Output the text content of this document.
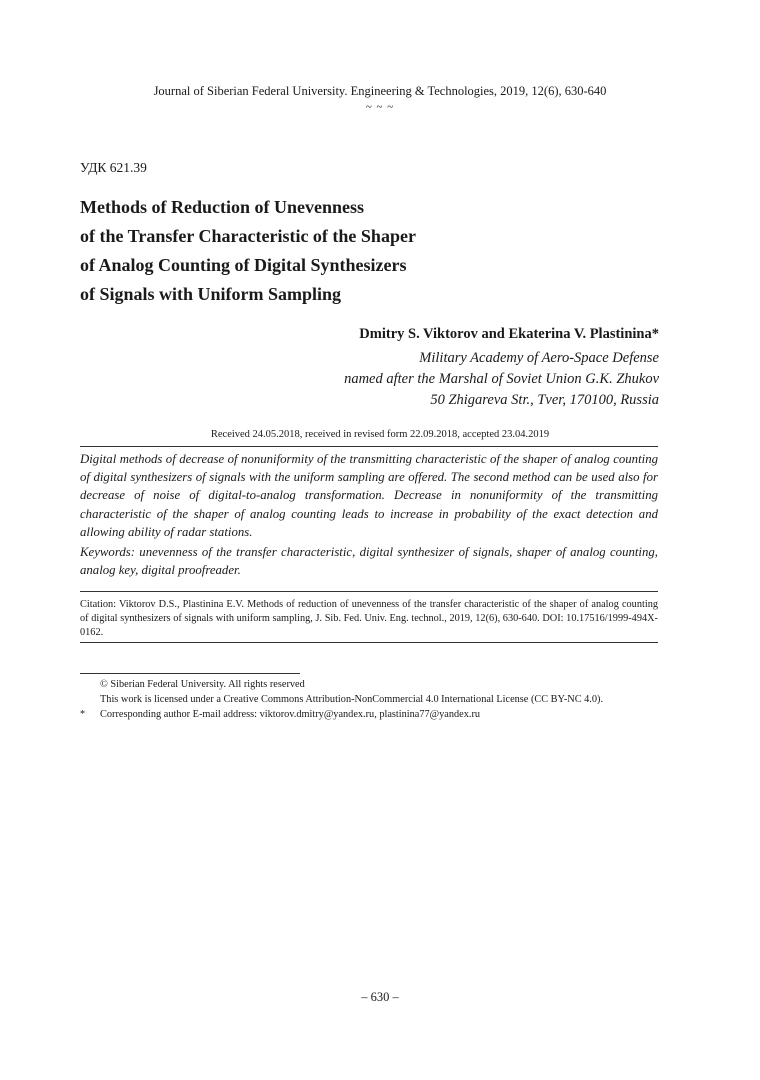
Journal of Siberian Federal University. Engineering & Technologies, 2019, 12(6), 630-640
~ ~ ~
УДК 621.39
Methods of Reduction of Unevenness
of the Transfer Characteristic of the Shaper
of Analog Counting of Digital Synthesizers
of Signals with Uniform Sampling
Dmitry S. Viktorov and Ekaterina V. Plastinina*
Military Academy of Aero-Space Defense
named after the Marshal of Soviet Union G.K. Zhukov
50 Zhigareva Str., Tver, 170100, Russia
Received 24.05.2018, received in revised form 22.09.2018, accepted 23.04.2019
Digital methods of decrease of nonuniformity of the transmitting characteristic of the shaper of analog counting of digital synthesizers of signals with the uniform sampling are offered. The second method can be used also for decrease of noise of digital-to-analog transformation. Decrease in nonuniformity of the transmitting characteristic of the shaper of analog counting leads to increase in probability of the exact detection and allowing ability of radar stations.
Keywords: unevenness of the transfer characteristic, digital synthesizer of signals, shaper of analog counting, analog key, digital proofreader.
Citation: Viktorov D.S., Plastinina E.V. Methods of reduction of unevenness of the transfer characteristic of the shaper of analog counting of digital synthesizers of signals with uniform sampling, J. Sib. Fed. Univ. Eng. technol., 2019, 12(6), 630-640. DOI: 10.17516/1999-494X-0162.
© Siberian Federal University. All rights reserved
This work is licensed under a Creative Commons Attribution-NonCommercial 4.0 International License (CC BY-NC 4.0).
* Corresponding author E-mail address: viktorov.dmitry@yandex.ru, plastinina77@yandex.ru
– 630 –
